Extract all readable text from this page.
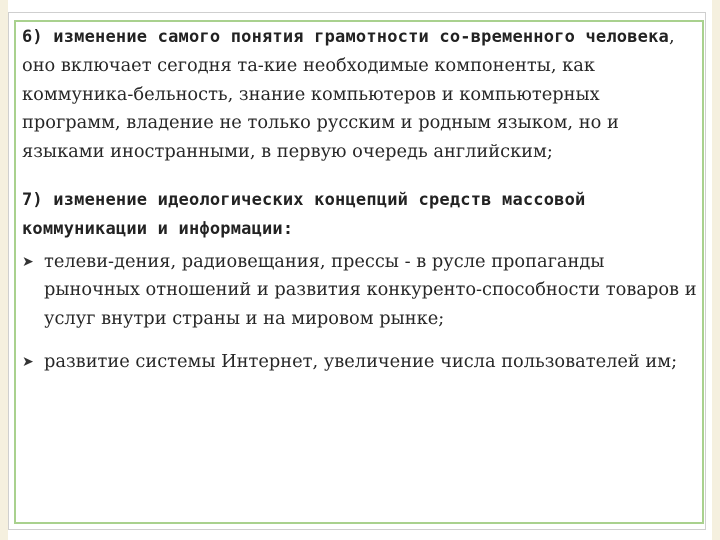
6) изменение самого понятия грамотности со-временного человека, оно включает сегодня та-кие необходимые компоненты, как коммуника-бельность, знание компьютеров и компьютерных программ, владение не только русским и родным языком, но и языками иностранными, в первую очередь английским;

7) изменение идеологических концепций средств массовой коммуникации и информации:

➤ телеви-дения, радиовещания, прессы - в русле пропаганды рыночных отношений и развития конкуренто-способности товаров и услуг внутри страны и на мировом рынке;
➤ развитие системы Интернет, увеличение числа пользователей им;
